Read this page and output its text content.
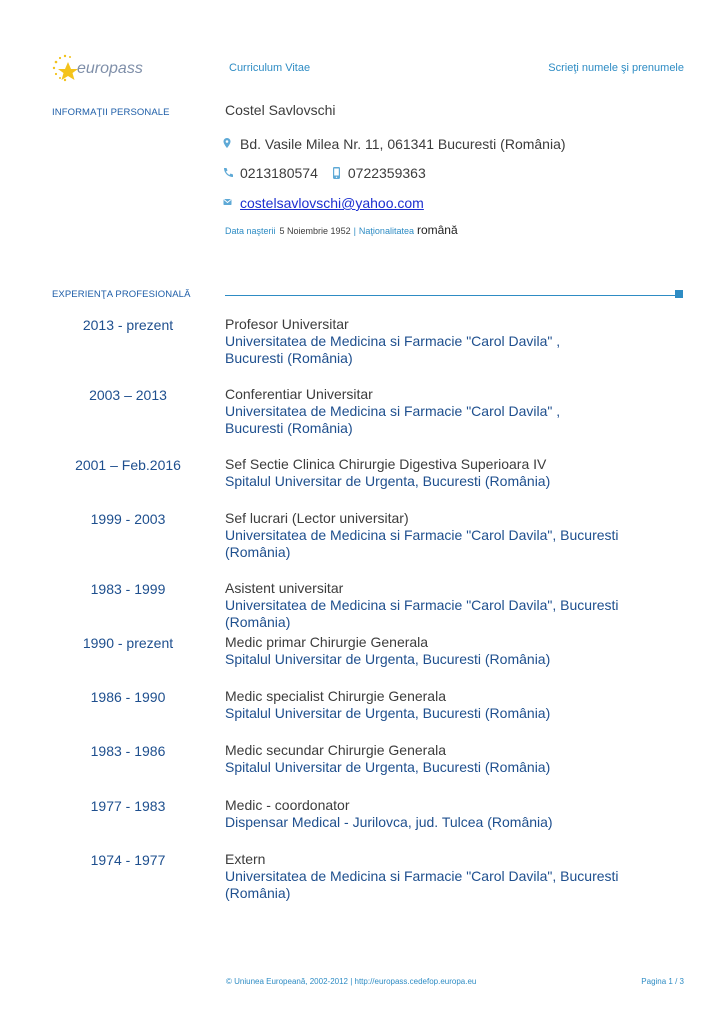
europass	Curriculum Vitae	Scrieţi numele şi prenumele
INFORMAŢII PERSONALE	Costel Savlovschi
Bd. Vasile Milea Nr. 11, 061341 Bucuresti (România)
0213180574 0722359363
costelsavlovschi@yahoo.com
Data naşterii 5 Noiembrie 1952 | Naţionalitatea română
EXPERIENŢA PROFESIONALĂ
2013 - prezent	Profesor Universitar
Universitatea de Medicina si Farmacie "Carol Davila" ,
Bucuresti (România)
2003 – 2013	Conferentiar Universitar
Universitatea de Medicina si Farmacie "Carol Davila" ,
Bucuresti (România)
2001 – Feb.2016	Sef Sectie Clinica Chirurgie Digestiva Superioara IV
Spitalul Universitar de Urgenta, Bucuresti (România)
1999 - 2003	Sef lucrari (Lector universitar)
Universitatea de Medicina si Farmacie "Carol Davila", Bucuresti
(România)
1983 - 1999	Asistent universitar
Universitatea de Medicina si Farmacie "Carol Davila", Bucuresti
(România)
1990 - prezent	Medic primar Chirurgie Generala
Spitalul Universitar de Urgenta, Bucuresti (România)
1986 - 1990	Medic specialist Chirurgie Generala
Spitalul Universitar de Urgenta, Bucuresti (România)
1983 - 1986	Medic secundar Chirurgie Generala
Spitalul Universitar de Urgenta, Bucuresti (România)
1977 - 1983	Medic - coordonator
Dispensar Medical - Jurilovca, jud. Tulcea (România)
1974 - 1977	Extern
Universitatea de Medicina si Farmacie "Carol Davila", Bucuresti
(România)
© Uniunea Europeană, 2002-2012 | http://europass.cedefop.europa.eu	Pagina 1 / 3
